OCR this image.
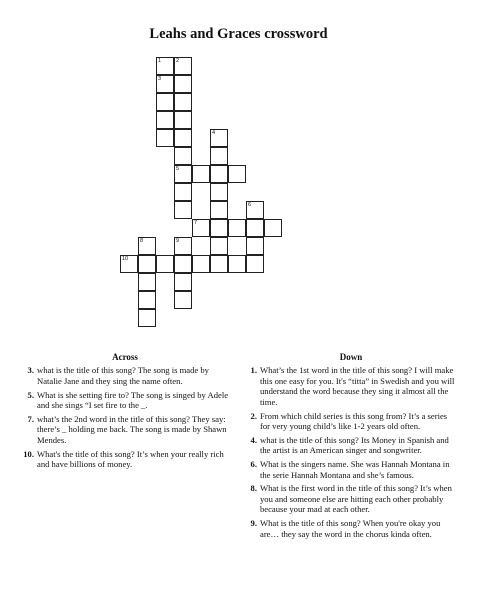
Leahs and Graces crossword
1
3
2
5
4
6
8	9
7
10
Across
3. what is the title of this song? The song is made by Natalie Jane and they sing the name often.
5. What is she setting fire to? The song is singed by Adele and she sings “I set fire to the _.
7. what’s the 2nd word in the title of this song? They say: there’s _ holding me back. The song is made by Shawn Mendes.
10. What's the title of this song? It’s when your really rich and have billions of money.
Down
1. What’s the 1st word in the title of this song? I will make this one easy for you. It's “titta” in Swedish and you will understand the word because they sing it almost all the time.
2. From which child series is this song from? It’s a series for very young child’s like 1-2 years old often.
4. what is the title of this song? Its Money in Spanish and the artist is an American singer and songwriter.
6. What is the singers name. She was Hannah Montana in the serie Hannah Montana and she’s famous.
8. What is the first word in the title of this song? It’s when you and someone else are hitting each other probably because your mad at each other.
9. What is the title of this song? When you're okay you are… they say the word in the chorus kinda often.
